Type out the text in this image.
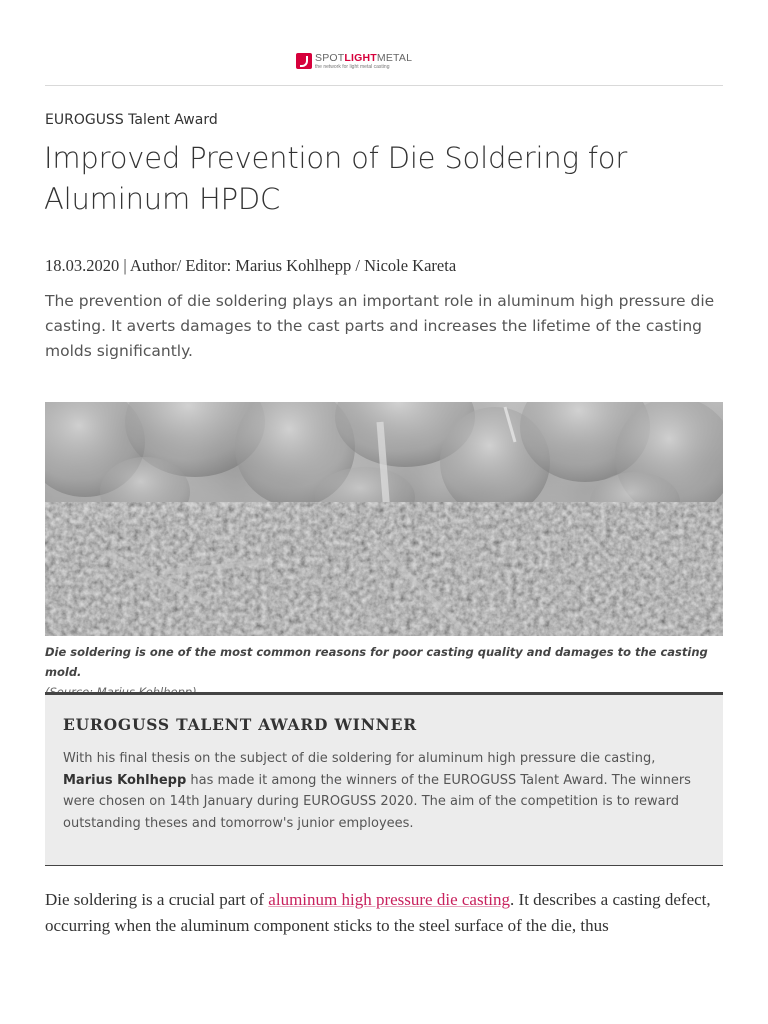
SPOTLIGHTMETAL
the network for light metal casting
EUROGUSS Talent Award
Improved Prevention of Die Soldering for Aluminum HPDC
18.03.2020 | Author/ Editor: Marius Kohlhepp / Nicole Kareta

The prevention of die soldering plays an important role in aluminum high pressure die casting. It averts damages to the cast parts and increases the lifetime of the casting molds significantly.

Die soldering is one of the most common reasons for poor casting quality and damages to the casting mold.
EUROGUSS TALENT AWARD WINNER

With his final thesis on the subject of die soldering for aluminum high pressure die casting, Marius Kohlhepp has made it among the winners of the EUROGUSS Talent Award. The winners were chosen on 14th January during EUROGUSS 2020. The aim of the competition is to reward outstanding theses and tomorrow's junior employees.

Die soldering is a crucial part of aluminum high pressure die casting. It describes a casting defect, occurring when the aluminum component sticks to the steel surface of the die, thus
